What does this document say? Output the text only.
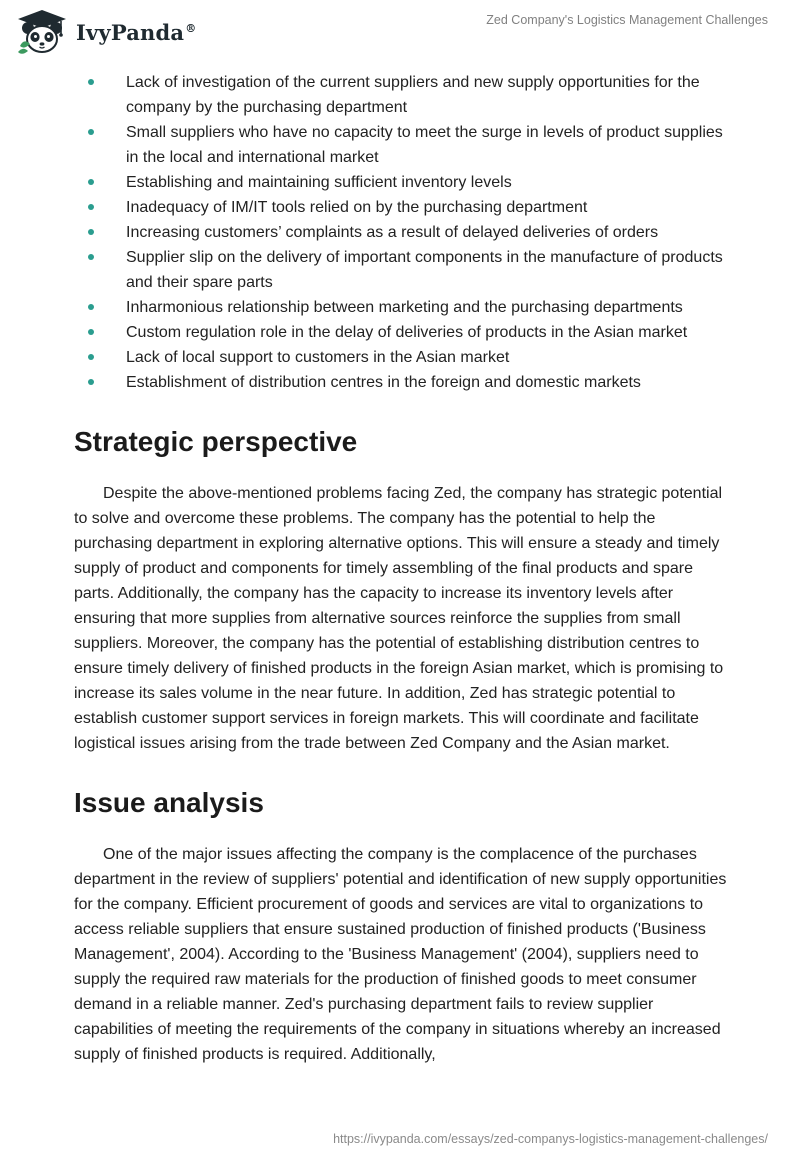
IvyPanda®
Zed Company's Logistics Management Challenges
Lack of investigation of the current suppliers and new supply opportunities for the company by the purchasing department
Small suppliers who have no capacity to meet the surge in levels of product supplies in the local and international market
Establishing and maintaining sufficient inventory levels
Inadequacy of IM/IT tools relied on by the purchasing department
Increasing customers’ complaints as a result of delayed deliveries of orders
Supplier slip on the delivery of important components in the manufacture of products and their spare parts
Inharmonious relationship between marketing and the purchasing departments
Custom regulation role in the delay of deliveries of products in the Asian market
Lack of local support to customers in the Asian market
Establishment of distribution centres in the foreign and domestic markets
Strategic perspective

Despite the above-mentioned problems facing Zed, the company has strategic potential to solve and overcome these problems. The company has the potential to help the purchasing department in exploring alternative options. This will ensure a steady and timely supply of product and components for timely assembling of the final products and spare parts. Additionally, the company has the capacity to increase its inventory levels after ensuring that more supplies from alternative sources reinforce the supplies from small suppliers. Moreover, the company has the potential of establishing distribution centres to ensure timely delivery of finished products in the foreign Asian market, which is promising to increase its sales volume in the near future. In addition, Zed has strategic potential to establish customer support services in foreign markets. This will coordinate and facilitate logistical issues arising from the trade between Zed Company and the Asian market.

Issue analysis

One of the major issues affecting the company is the complacence of the purchases department in the review of suppliers' potential and identification of new supply opportunities for the company. Efficient procurement of goods and services are vital to organizations to access reliable suppliers that ensure sustained production of finished products ('Business Management', 2004). According to the 'Business Management' (2004), suppliers need to supply the required raw materials for the production of finished goods to meet consumer demand in a reliable manner. Zed's purchasing department fails to review supplier capabilities of meeting the requirements of the company in situations whereby an increased supply of finished products is required. Additionally,

https://ivypanda.com/essays/zed-companys-logistics-management-challenges/
